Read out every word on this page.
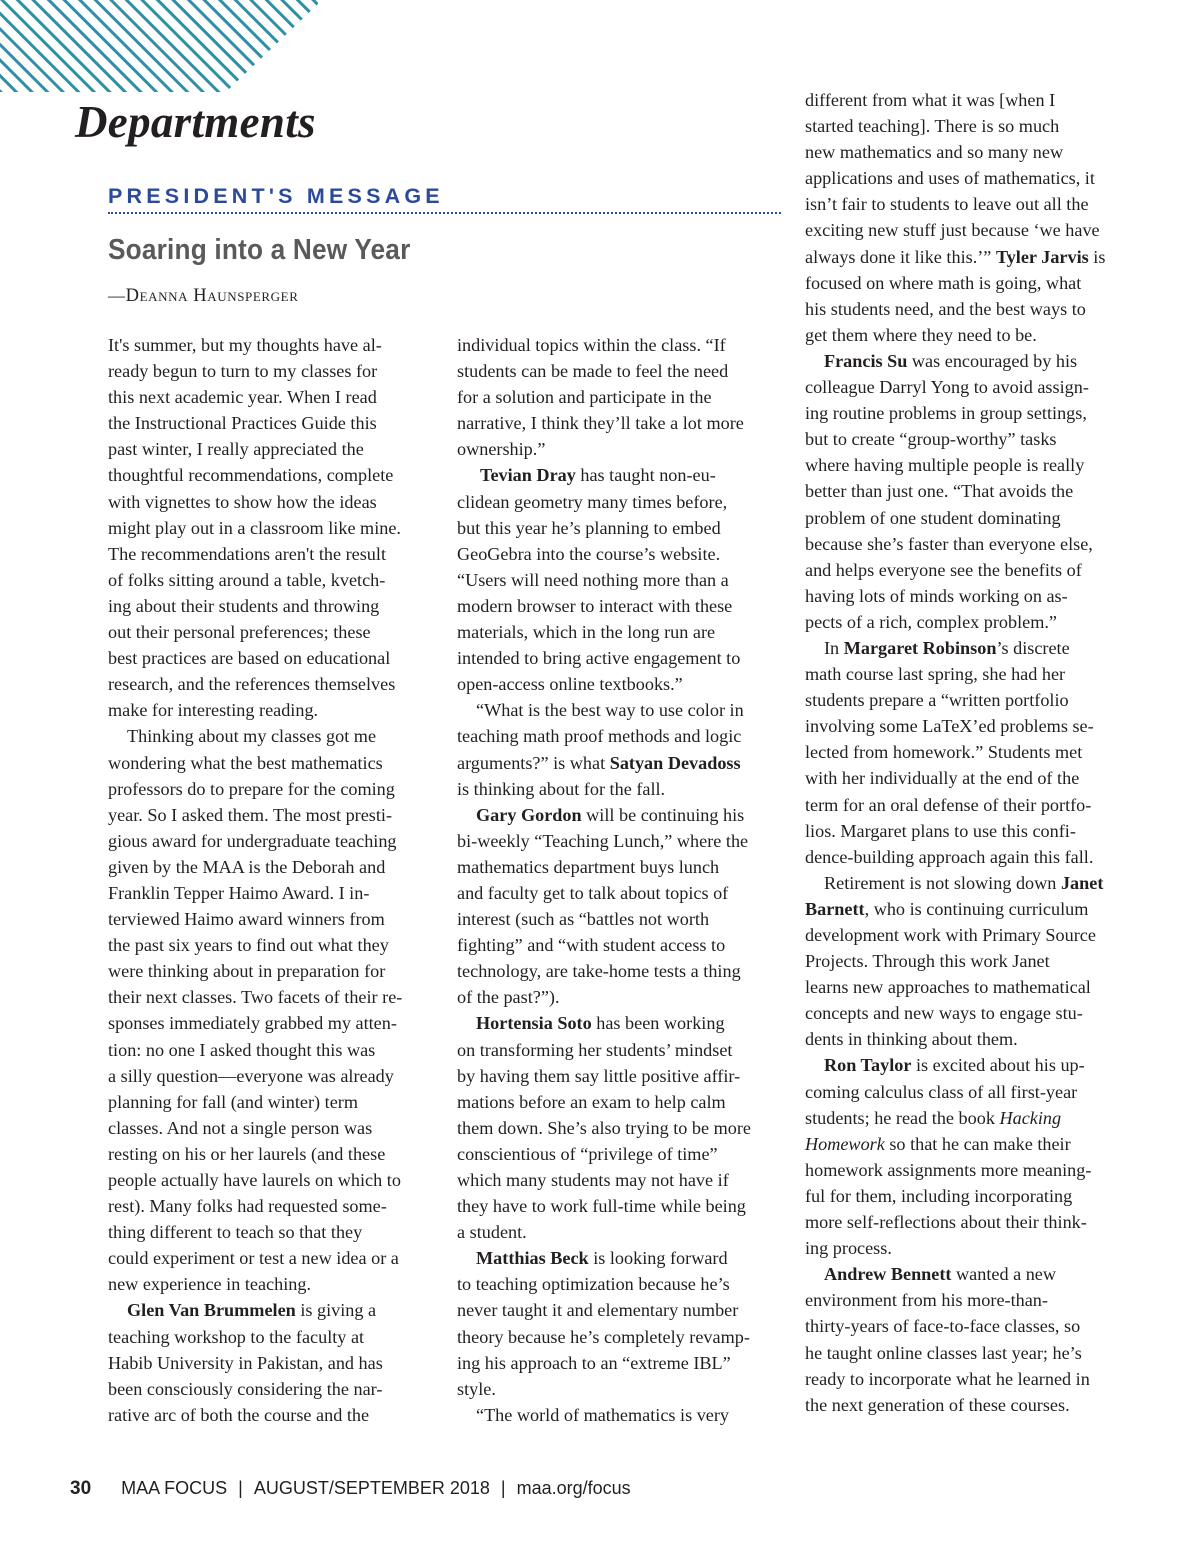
Departments
PRESIDENT'S MESSAGE
Soaring into a New Year

—Deanna Haunsperger

It's summer, but my thoughts have al-
ready begun to turn to my classes for
this next academic year. When I read
the Instructional Practices Guide this
past winter, I really appreciated the
thoughtful recommendations, complete
with vignettes to show how the ideas
might play out in a classroom like mine.
The recommendations aren't the result
of folks sitting around a table, kvetch-
ing about their students and throwing
out their personal preferences; these
best practices are based on educational
research, and the references themselves
make for interesting reading.
Thinking about my classes got me
wondering what the best mathematics
professors do to prepare for the coming
year. So I asked them. The most presti-
gious award for undergraduate teaching
given by the MAA is the Deborah and
Franklin Tepper Haimo Award. I in-
terviewed Haimo award winners from
the past six years to find out what they
were thinking about in preparation for
their next classes. Two facets of their re-
sponses immediately grabbed my atten-
tion: no one I asked thought this was
a silly question—everyone was already
planning for fall (and winter) term
classes. And not a single person was
resting on his or her laurels (and these
people actually have laurels on which to
rest). Many folks had requested some-
thing different to teach so that they
could experiment or test a new idea or a
new experience in teaching.
Glen Van Brummelen is giving a
teaching workshop to the faculty at
Habib University in Pakistan, and has
been consciously considering the nar-
rative arc of both the course and the
individual topics within the class. “If
students can be made to feel the need
for a solution and participate in the
narrative, I think they’ll take a lot more
ownership.”
Tevian Dray has taught non-eu-
clidean geometry many times before,
but this year he’s planning to embed
GeoGebra into the course’s website.
“Users will need nothing more than a
modern browser to interact with these
materials, which in the long run are
intended to bring active engagement to
open-access online textbooks.”
“What is the best way to use color in
teaching math proof methods and logic
arguments?” is what Satyan Devadoss
is thinking about for the fall.
Gary Gordon will be continuing his
bi-weekly “Teaching Lunch,” where the
mathematics department buys lunch
and faculty get to talk about topics of
interest (such as “battles not worth
fighting” and “with student access to
technology, are take-home tests a thing
of the past?”).
Hortensia Soto has been working
on transforming her students’ mindset
by having them say little positive affir-
mations before an exam to help calm
them down. She’s also trying to be more
conscientious of “privilege of time”
which many students may not have if
they have to work full-time while being
a student.
Matthias Beck is looking forward
to teaching optimization because he’s
never taught it and elementary number
theory because he’s completely revamp-
ing his approach to an “extreme IBL”
style.
“The world of mathematics is very
different from what it was [when I
started teaching]. There is so much
new mathematics and so many new
applications and uses of mathematics, it
isn’t fair to students to leave out all the
exciting new stuff just because ‘we have
always done it like this.’” Tyler Jarvis is
focused on where math is going, what
his students need, and the best ways to
get them where they need to be.
Francis Su was encouraged by his
colleague Darryl Yong to avoid assign-
ing routine problems in group settings,
but to create “group-worthy” tasks
where having multiple people is really
better than just one. “That avoids the
problem of one student dominating
because she’s faster than everyone else,
and helps everyone see the benefits of
having lots of minds working on as-
pects of a rich, complex problem.”
In Margaret Robinson’s discrete
math course last spring, she had her
students prepare a “written portfolio
involving some LaTeX’ed problems se-
lected from homework.” Students met
with her individually at the end of the
term for an oral defense of their portfo-
lios. Margaret plans to use this confi-
dence-building approach again this fall.
Retirement is not slowing down Janet
Barnett, who is continuing curriculum
development work with Primary Source
Projects. Through this work Janet
learns new approaches to mathematical
concepts and new ways to engage stu-
dents in thinking about them.
Ron Taylor is excited about his up-
coming calculus class of all first-year
students; he read the book Hacking
Homework so that he can make their
homework assignments more meaning-
ful for them, including incorporating
more self-reflections about their think-
ing process.
Andrew Bennett wanted a new
environment from his more-than-
thirty-years of face-to-face classes, so
he taught online classes last year; he’s
ready to incorporate what he learned in
the next generation of these courses.
30 MAA FOCUS | AUGUST/SEPTEMBER 2018 | maa.org/focus
